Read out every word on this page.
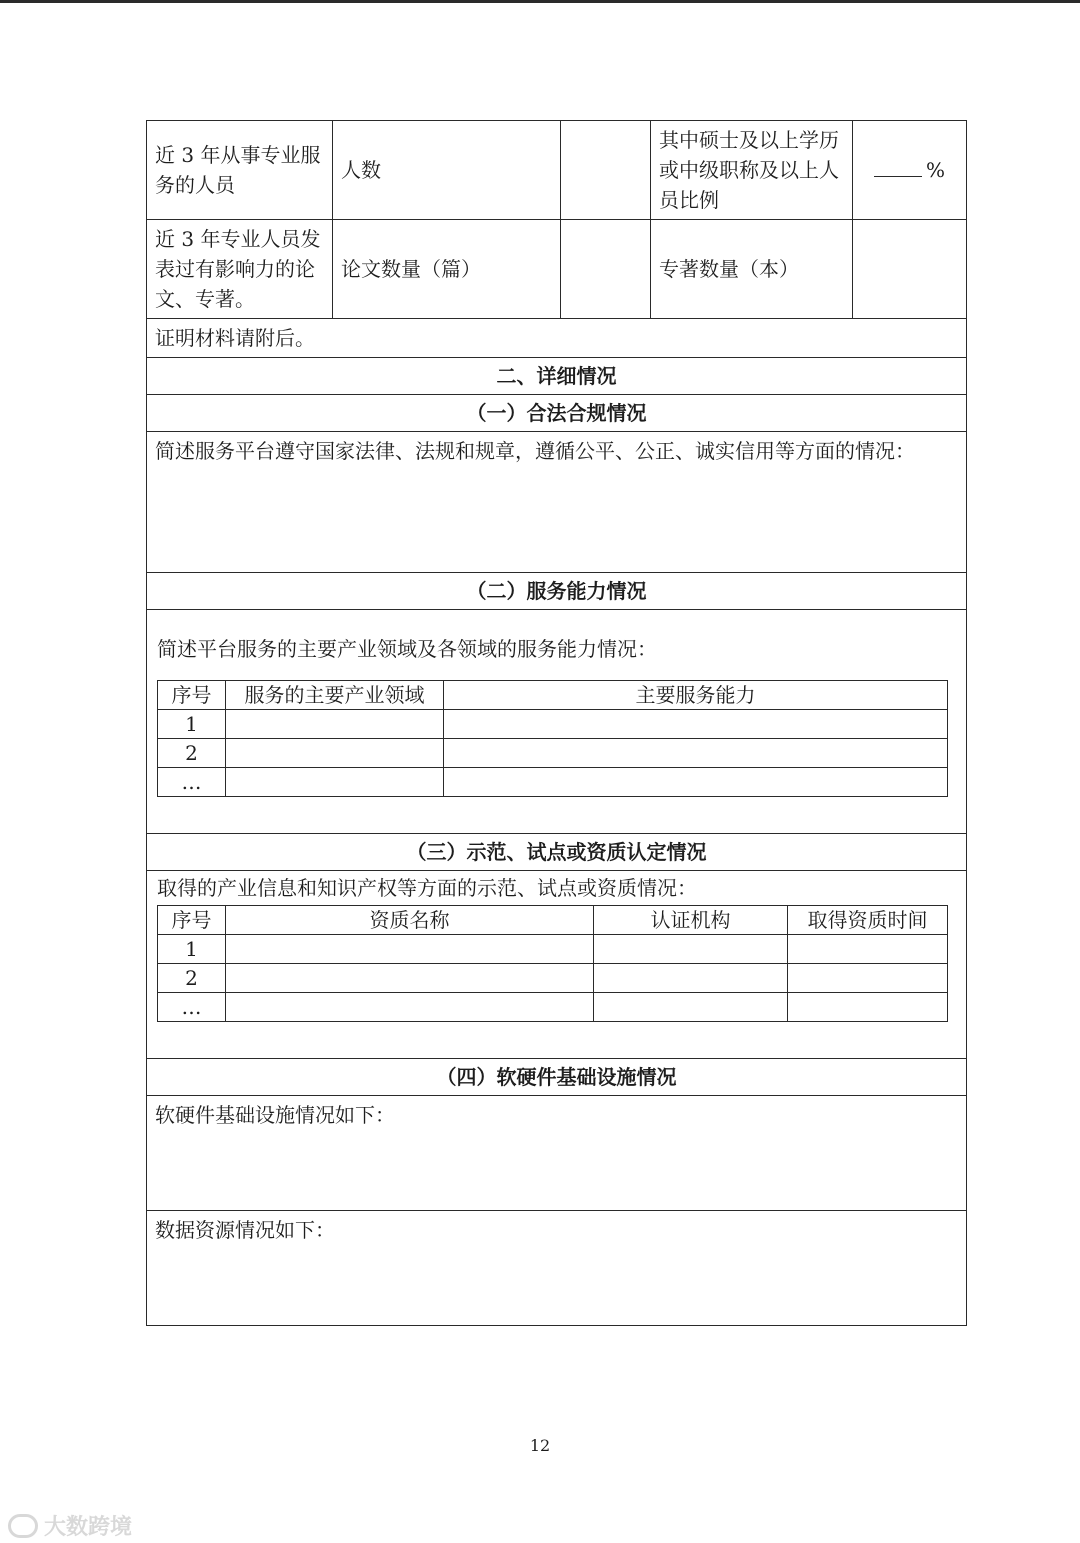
近 3 年从事专业服务的人员	人数		其中硕士及以上学历或中级职称及以上人员比例	%
近 3 年专业人员发表过有影响力的论文、专著。	论文数量（篇）		专著数量（本）	
证明材料请附后。
二、详细情况
（一）合法合规情况
简述服务平台遵守国家法律、法规和规章，遵循公平、公正、诚实信用等方面的情况：
（二）服务能力情况

简述平台服务的主要产业领域及各领域的服务能力情况：
序号	服务的主要产业领域	主要服务能力
1		
2		
…		

（三）示范、试点或资质认定情况

取得的产业信息和知识产权等方面的示范、试点或资质情况：
序号	资质名称	认证机构	取得资质时间
1			
2			
…			

（四）软硬件基础设施情况
软硬件基础设施情况如下：
数据资源情况如下：
12
大数跨境
